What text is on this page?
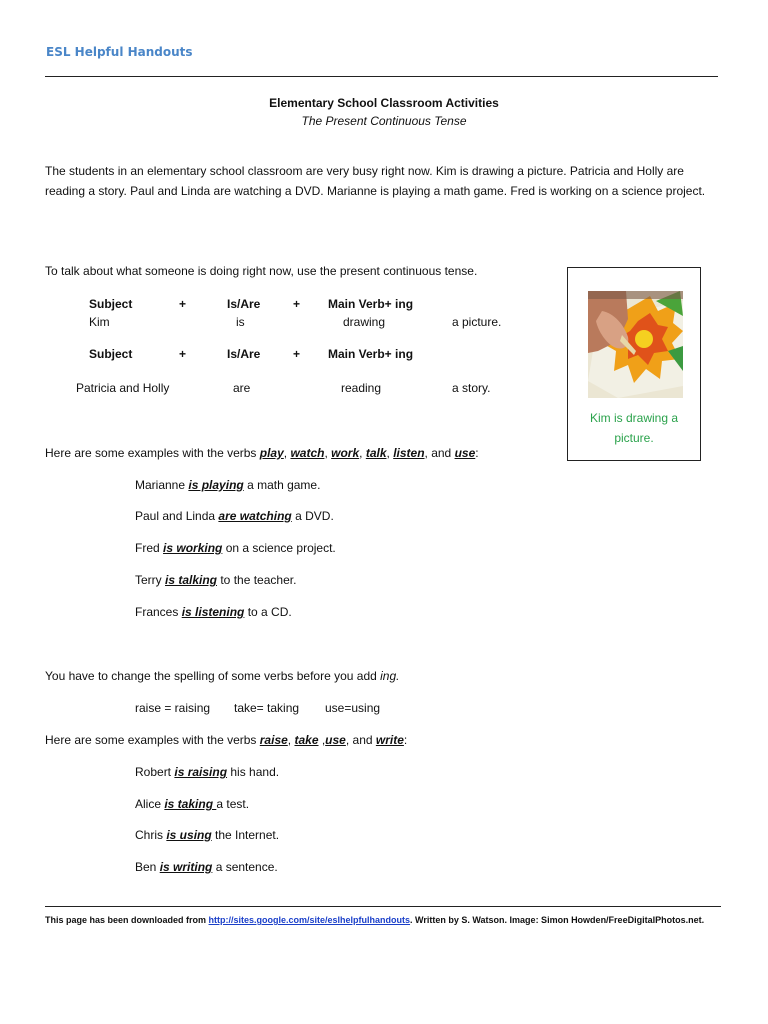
ESL Helpful Handouts
Elementary School Classroom Activities
The Present Continuous Tense
The students in an elementary school classroom are very busy right now. Kim is drawing a picture. Patricia and Holly are reading a story. Paul and Linda are watching a DVD. Marianne is playing a math game. Fred is working on a science project.
To talk about what someone is doing right now, use the present continuous tense.
Subject	+	Is/Are	+ Main Verb+ ing
Kim	is	drawing	a picture.
Subject	+	Is/Are	+ Main Verb+ ing
Patricia and Holly	are	reading	a story.
Kim is drawing a
picture.
Here are some examples with the verbs play, watch, work, talk, listen, and use:
Marianne is playing a math game.
Paul and Linda are watching a DVD.
Fred is working on a science project.
Terry is talking to the teacher.
Frances is listening to a CD.
You have to change the spelling of some verbs before you add ing.
raise = raising take= taking use=using
Here are some examples with the verbs raise, take ,use, and write:
Robert is raising his hand.
Alice is taking a test.
Chris is using the Internet.
Ben is writing a sentence.
This page has been downloaded from http://sites.google.com/site/eslhelpfulhandouts. Written by S. Watson. Image: Simon Howden/FreeDigitalPhotos.net.
